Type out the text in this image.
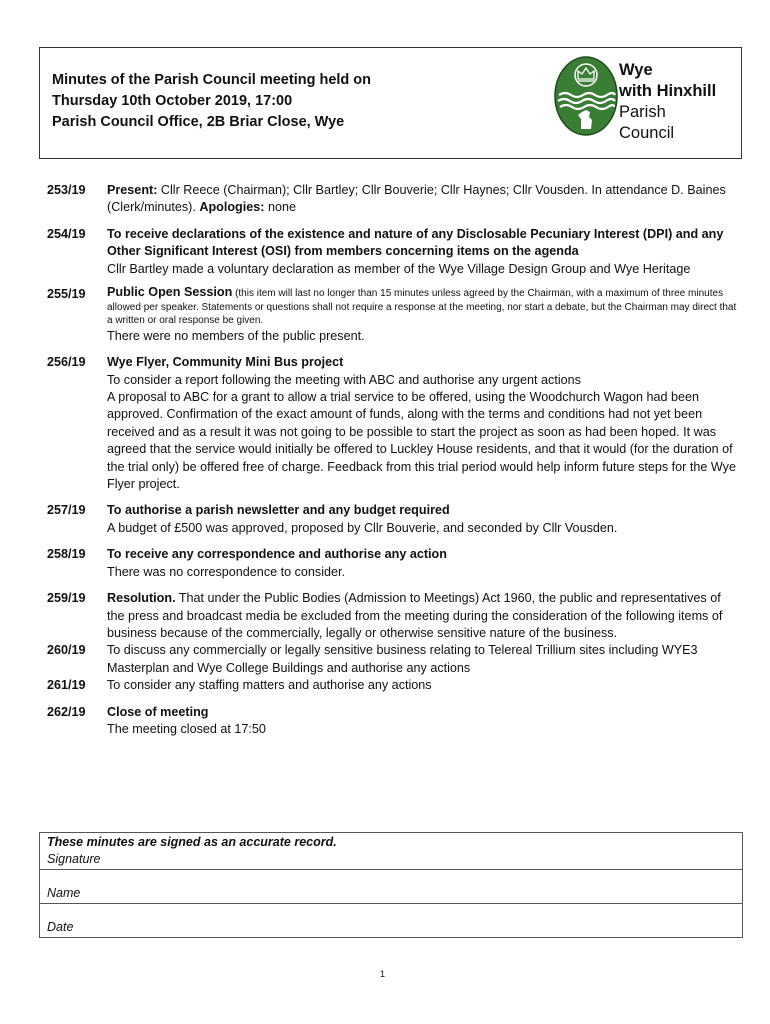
Minutes of the Parish Council meeting held on
Thursday 10th October 2019, 17:00
Parish Council Office, 2B Briar Close, Wye
Wye
with Hinxhill
Parish
Council
253/19	Present: Cllr Reece (Chairman); Cllr Bartley; Cllr Bouverie; Cllr Haynes; Cllr Vousden. In attendance D. Baines (Clerk/minutes). Apologies: none
254/19	To receive declarations of the existence and nature of any Disclosable Pecuniary Interest (DPI) and any Other Significant Interest (OSI) from members concerning items on the agenda
Cllr Bartley made a voluntary declaration as member of the Wye Village Design Group and Wye Heritage
255/19	Public Open Session (this item will last no longer than 15 minutes unless agreed by the Chairman, with a maximum of three minutes allowed per speaker. Statements or questions shall not require a response at the meeting, nor start a debate, but the Chairman may direct that a written or oral response be given.
There were no members of the public present.
256/19	Wye Flyer, Community Mini Bus project
To consider a report following the meeting with ABC and authorise any urgent actions
A proposal to ABC for a grant to allow a trial service to be offered, using the Woodchurch Wagon had been approved. Confirmation of the exact amount of funds, along with the terms and conditions had not yet been received and as a result it was not going to be possible to start the project as soon as had been hoped. It was agreed that the service would initially be offered to Luckley House residents, and that it would (for the duration of the trial only) be offered free of charge. Feedback from this trial period would help inform future steps for the Wye Flyer project.
257/19	To authorise a parish newsletter and any budget required
A budget of £500 was approved, proposed by Cllr Bouverie, and seconded by Cllr Vousden.
258/19	To receive any correspondence and authorise any action
There was no correspondence to consider.
259/19	Resolution. That under the Public Bodies (Admission to Meetings) Act 1960, the public and representatives of the press and broadcast media be excluded from the meeting during the consideration of the following items of business because of the commercially, legally or otherwise sensitive nature of the business.
260/19	To discuss any commercially or legally sensitive business relating to Telereal Trillium sites including WYE3 Masterplan and Wye College Buildings and authorise any actions
261/19	To consider any staffing matters and authorise any actions
262/19	Close of meeting
The meeting closed at 17:50
These minutes are signed as an accurate record.
Signature
Name
Date
1
